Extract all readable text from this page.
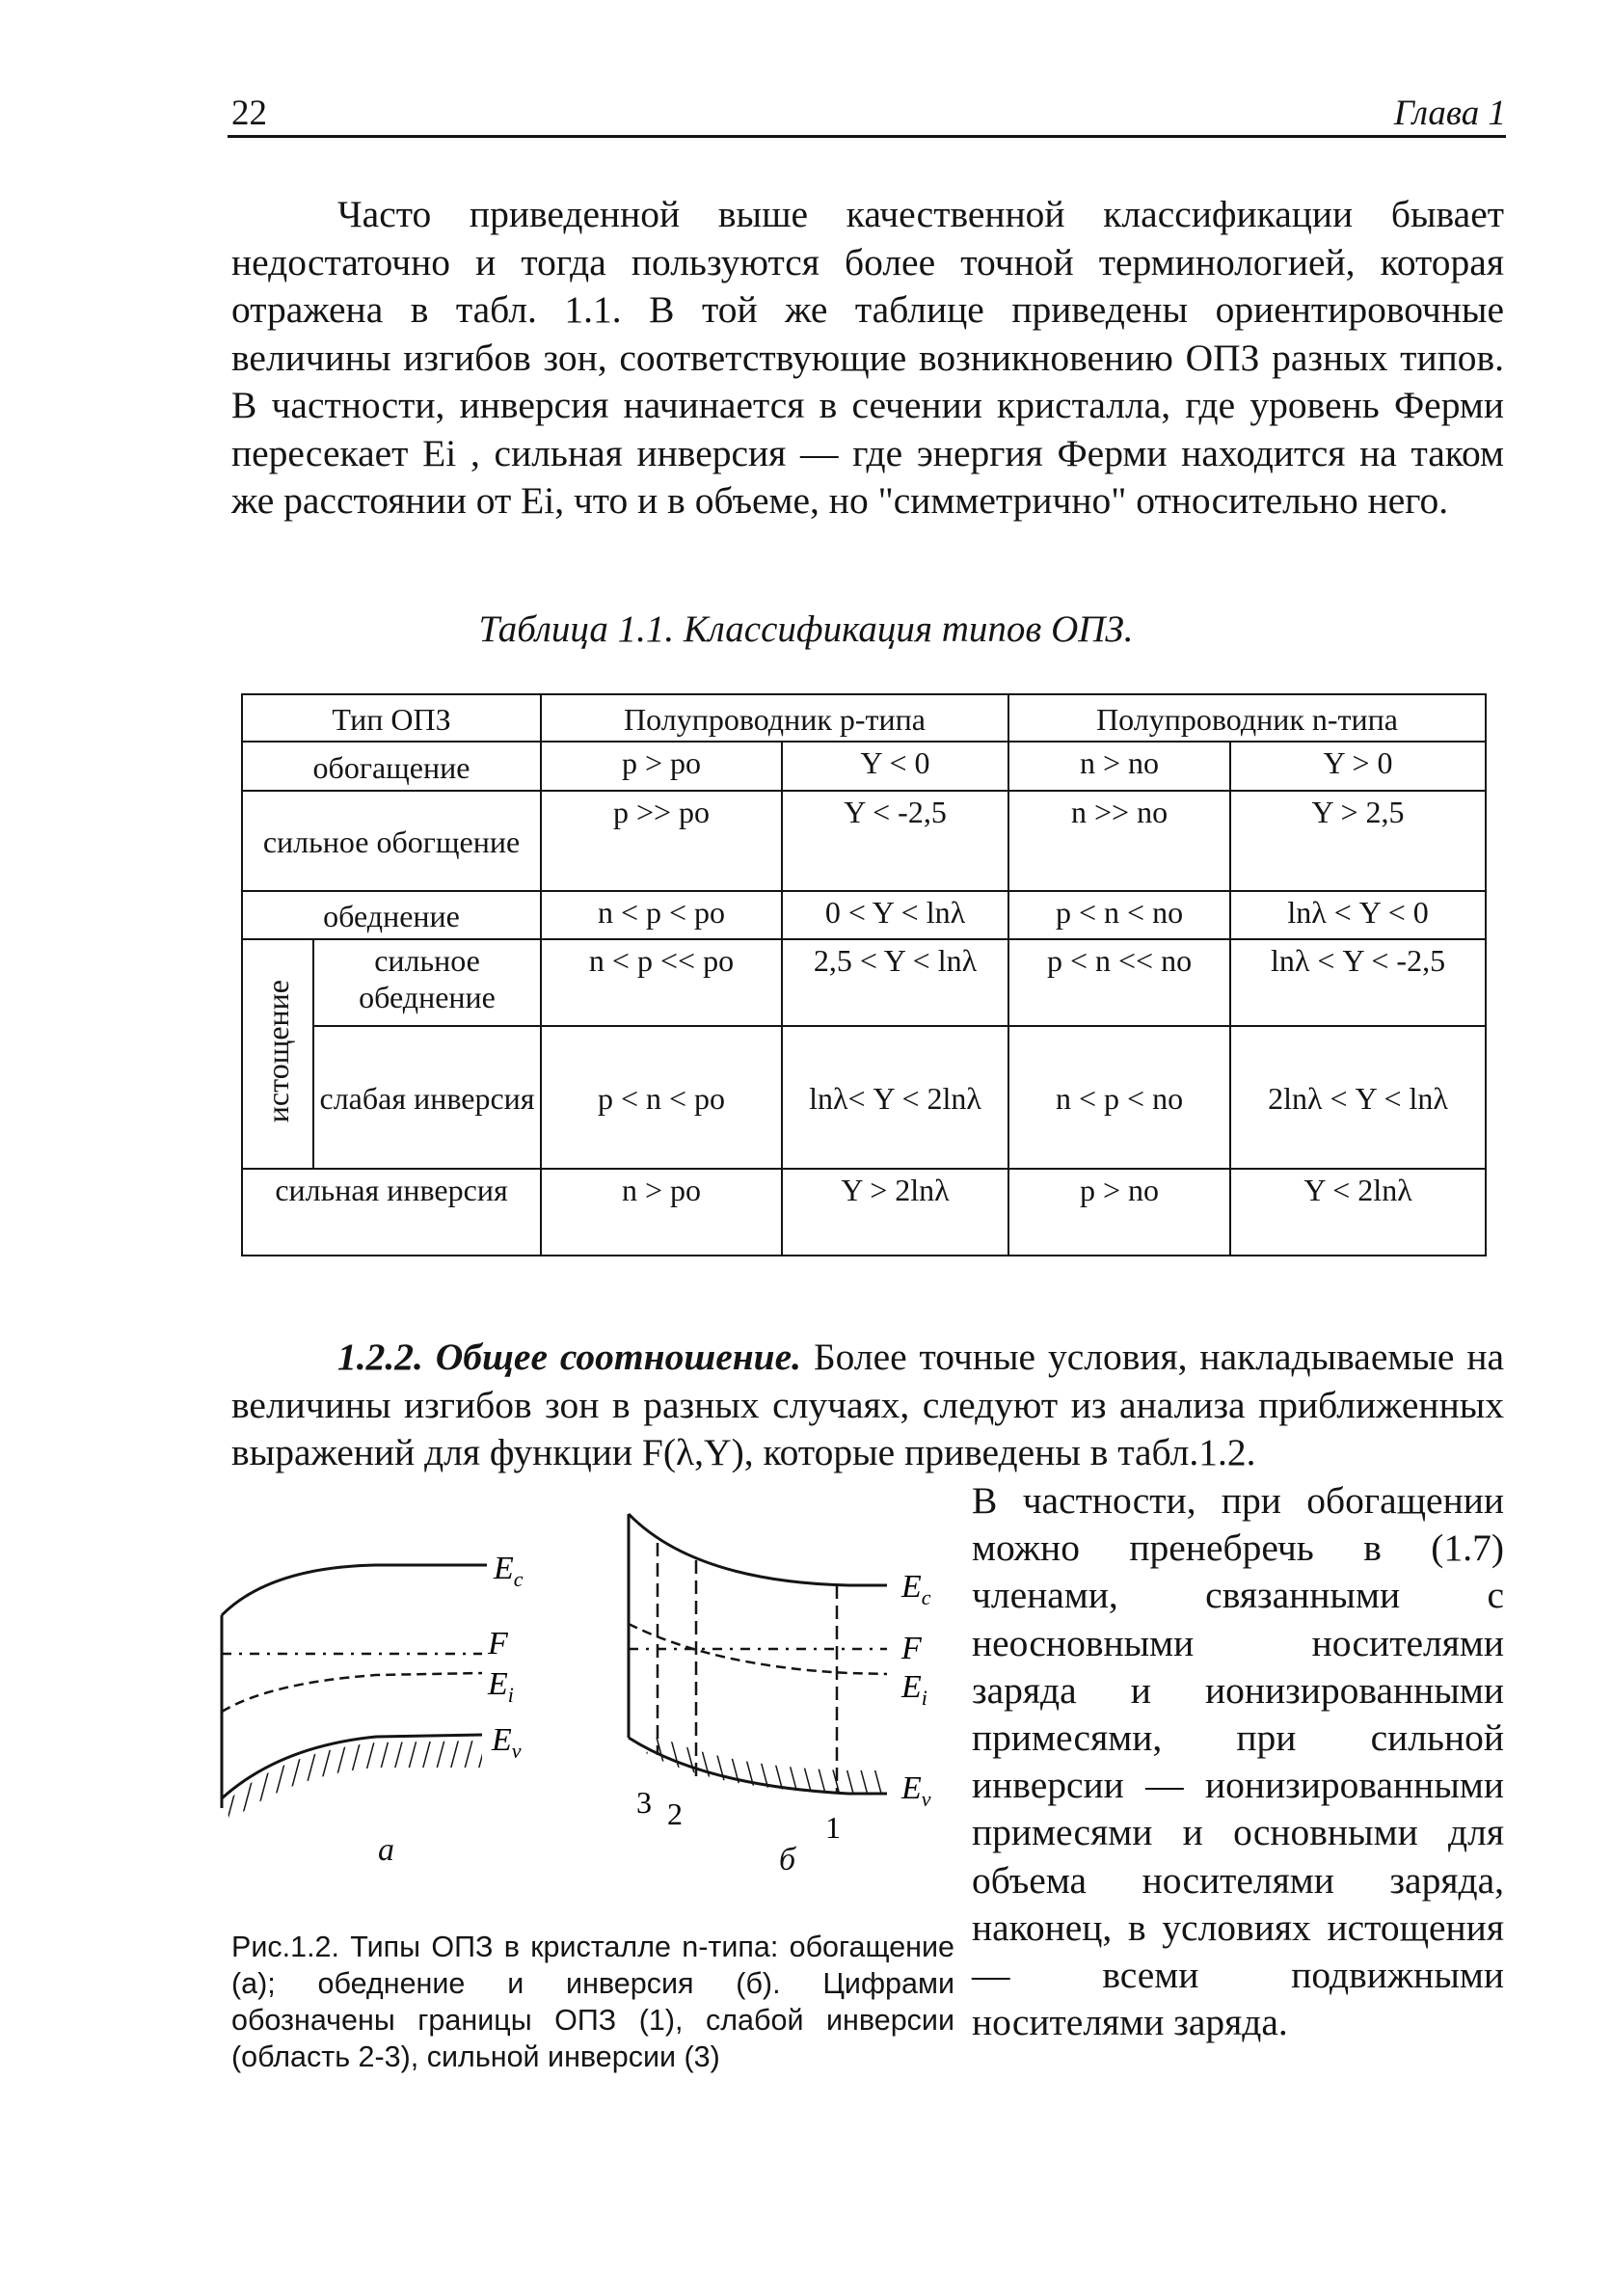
22	Глава 1

Часто приведенной выше качественной классификации бывает недостаточно и тогда пользуются более точной терминологией, которая отражена в табл. 1.1. В той же таблице приведены ориентировочные величины изгибов зон, соответствующие возникновению ОПЗ разных типов. В частности, инверсия начинается в сечении кристалла, где уровень Ферми пересекает Ei , сильная инверсия — где энергия Ферми находится на таком же расстоянии от Ei, что и в объеме, но "симметрично" относительно него.

Таблица 1.1. Классификация типов ОПЗ.
Тип ОПЗ		Полупроводник p-типа		Полупроводник n-типа	
обогащение		p > po	Y < 0	n > no	Y > 0
сильное обогщение		p >> po	Y < -2,5	n >> no	Y > 2,5
обеднение		n < p < po	0 < Y < lnλ	p < n < no	lnλ < Y < 0
истощение	сильное обеднение	n < p << po	2,5 < Y < lnλ	p < n << no	lnλ < Y < -2,5
	слабая инверсия	p < n < po	lnλ< Y < 2lnλ	n < p < no	2lnλ < Y < lnλ
сильная инверсия		n > po	Y > 2lnλ	p > no	Y < 2lnλ

1.2.2. Общее соотношение. Более точные условия, накладываемые на величины изгибов зон в разных случаях, следуют из анализа приближенных выражений для функции F(λ,Y), которые приведены в табл.1.2.

В частности, при обогащении можно пренебречь в (1.7) членами, связанными с неосновными носителями заряда и ионизированными примесями, при сильной инверсии — ионизированными примесями и основными для объема носителями заряда, наконец, в условиях истощения — всеми подвижными носителями заряда.

$E_c$
F
$E_i$
$E_v$
а
$E_c$
F
$E_i$
$E_v$
3 2	1
б

Рис.1.2. Типы ОПЗ в кристалле n-типа: обогащение (а); обеднение и инверсия (б). Цифрами обозначены границы ОПЗ (1), слабой инверсии (область 2-3), сильной инверсии (3)
